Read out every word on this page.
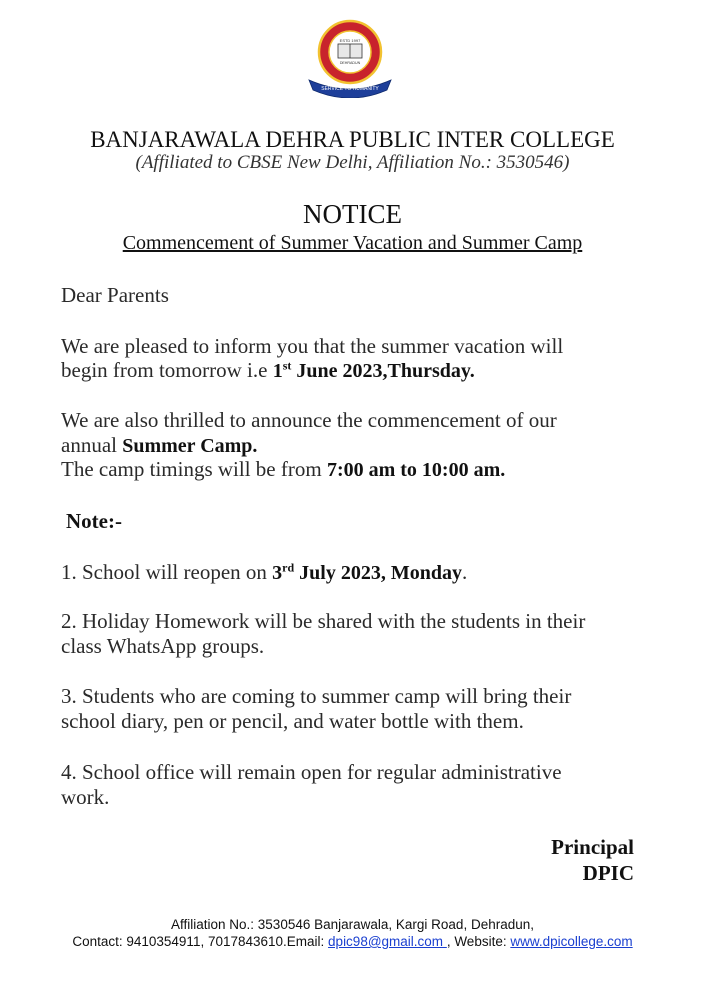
ESTD 1997
DEHRADUN
SERVICE TO HUMANITY
BANJARAWALA DEHRA PUBLIC INTER COLLEGE
(Affiliated to CBSE New Delhi, Affiliation No.: 3530546)
NOTICE
Commencement of Summer Vacation and Summer Camp
Dear Parents
We are pleased to inform you that the summer vacation will
begin from tomorrow i.e 1st June 2023,Thursday.
We are also thrilled to announce the commencement of our
annual Summer Camp.
The camp timings will be from 7:00 am to 10:00 am.
Note:-
1. School will reopen on 3rd July 2023, Monday.
2. Holiday Homework will be shared with the students in their
class WhatsApp groups.
3. Students who are coming to summer camp will bring their
school diary, pen or pencil, and water bottle with them.
4. School office will remain open for regular administrative
work.
Principal
DPIC
Affiliation No.: 3530546 Banjarawala, Kargi Road, Dehradun,
Contact: 9410354911, 7017843610.Email: dpic98@gmail.com , Website: www.dpicollege.com
